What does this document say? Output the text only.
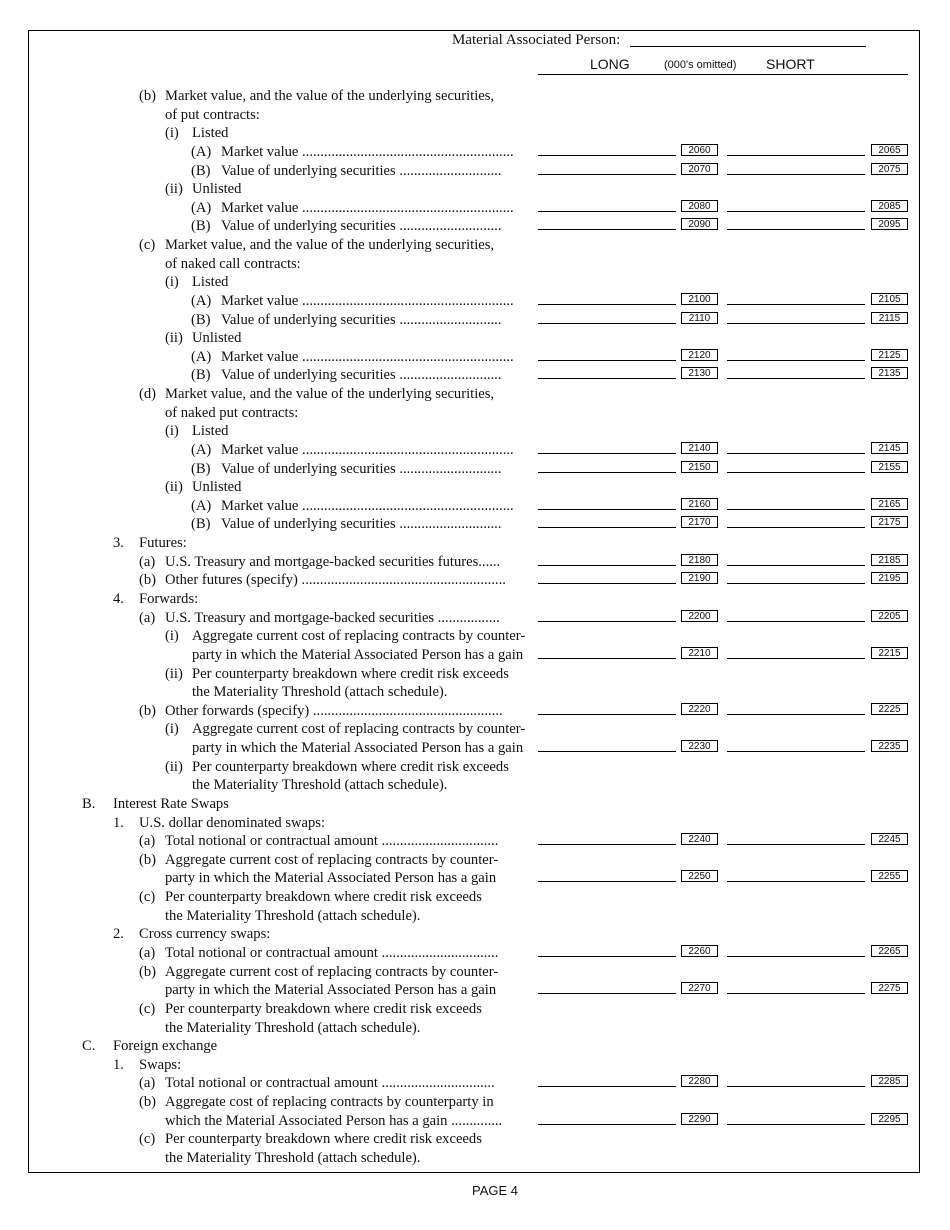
Material Associated Person:
LONG	(000's omitted) SHORT
(b) Market value, and the value of the underlying securities,
of put contracts:
(i) Listed
(A) Market value ..........................................................	2060	2065
(B) Value of underlying securities ............................	2070	2075
(ii) Unlisted
(A) Market value ..........................................................	2080	2085
(B) Value of underlying securities ............................	2090	2095
(c) Market value, and the value of the underlying securities,
of naked call contracts:
(i) Listed
(A) Market value ..........................................................	2100	2105
(B) Value of underlying securities ............................	2110	2115
(ii) Unlisted
(A) Market value ..........................................................	2120	2125
(B) Value of underlying securities ............................	2130	2135
(d) Market value, and the value of the underlying securities,
of naked put contracts:
(i) Listed
(A) Market value ..........................................................	2140	2145
(B) Value of underlying securities ............................	2150	2155
(ii) Unlisted
(A) Market value ..........................................................	2160	2165
(B) Value of underlying securities ............................	2170	2175
3. Futures:
(a) U.S. Treasury and mortgage-backed securities futures......	2180	2185
(b) Other futures (specify) ........................................................	2190	2195
4. Forwards:
(a) U.S. Treasury and mortgage-backed securities .................	2200	2205
(i) Aggregate current cost of replacing contracts by counter-
party in which the Material Associated Person has a gain	2210	2215
(ii) Per counterparty breakdown where credit risk exceeds
the Materiality Threshold (attach schedule).
(b) Other forwards (specify) ....................................................	2220	2225
(i) Aggregate current cost of replacing contracts by counter-
party in which the Material Associated Person has a gain	2230	2235
(ii) Per counterparty breakdown where credit risk exceeds
the Materiality Threshold (attach schedule).
B. Interest Rate Swaps
1. U.S. dollar denominated swaps:
(a) Total notional or contractual amount ................................	2240	2245
(b) Aggregate current cost of replacing contracts by counter-
party in which the Material Associated Person has a gain	2250	2255
(c) Per counterparty breakdown where credit risk exceeds
the Materiality Threshold (attach schedule).
2. Cross currency swaps:
(a) Total notional or contractual amount ................................	2260	2265
(b) Aggregate current cost of replacing contracts by counter-
party in which the Material Associated Person has a gain	2270	2275
(c) Per counterparty breakdown where credit risk exceeds
the Materiality Threshold (attach schedule).
C. Foreign exchange
1. Swaps:
(a) Total notional or contractual amount ...............................	2280	2285
(b) Aggregate cost of replacing contracts by counterparty in
which the Material Associated Person has a gain ..............	2290	2295
(c) Per counterparty breakdown where credit risk exceeds
the Materiality Threshold (attach schedule).
PAGE 4
